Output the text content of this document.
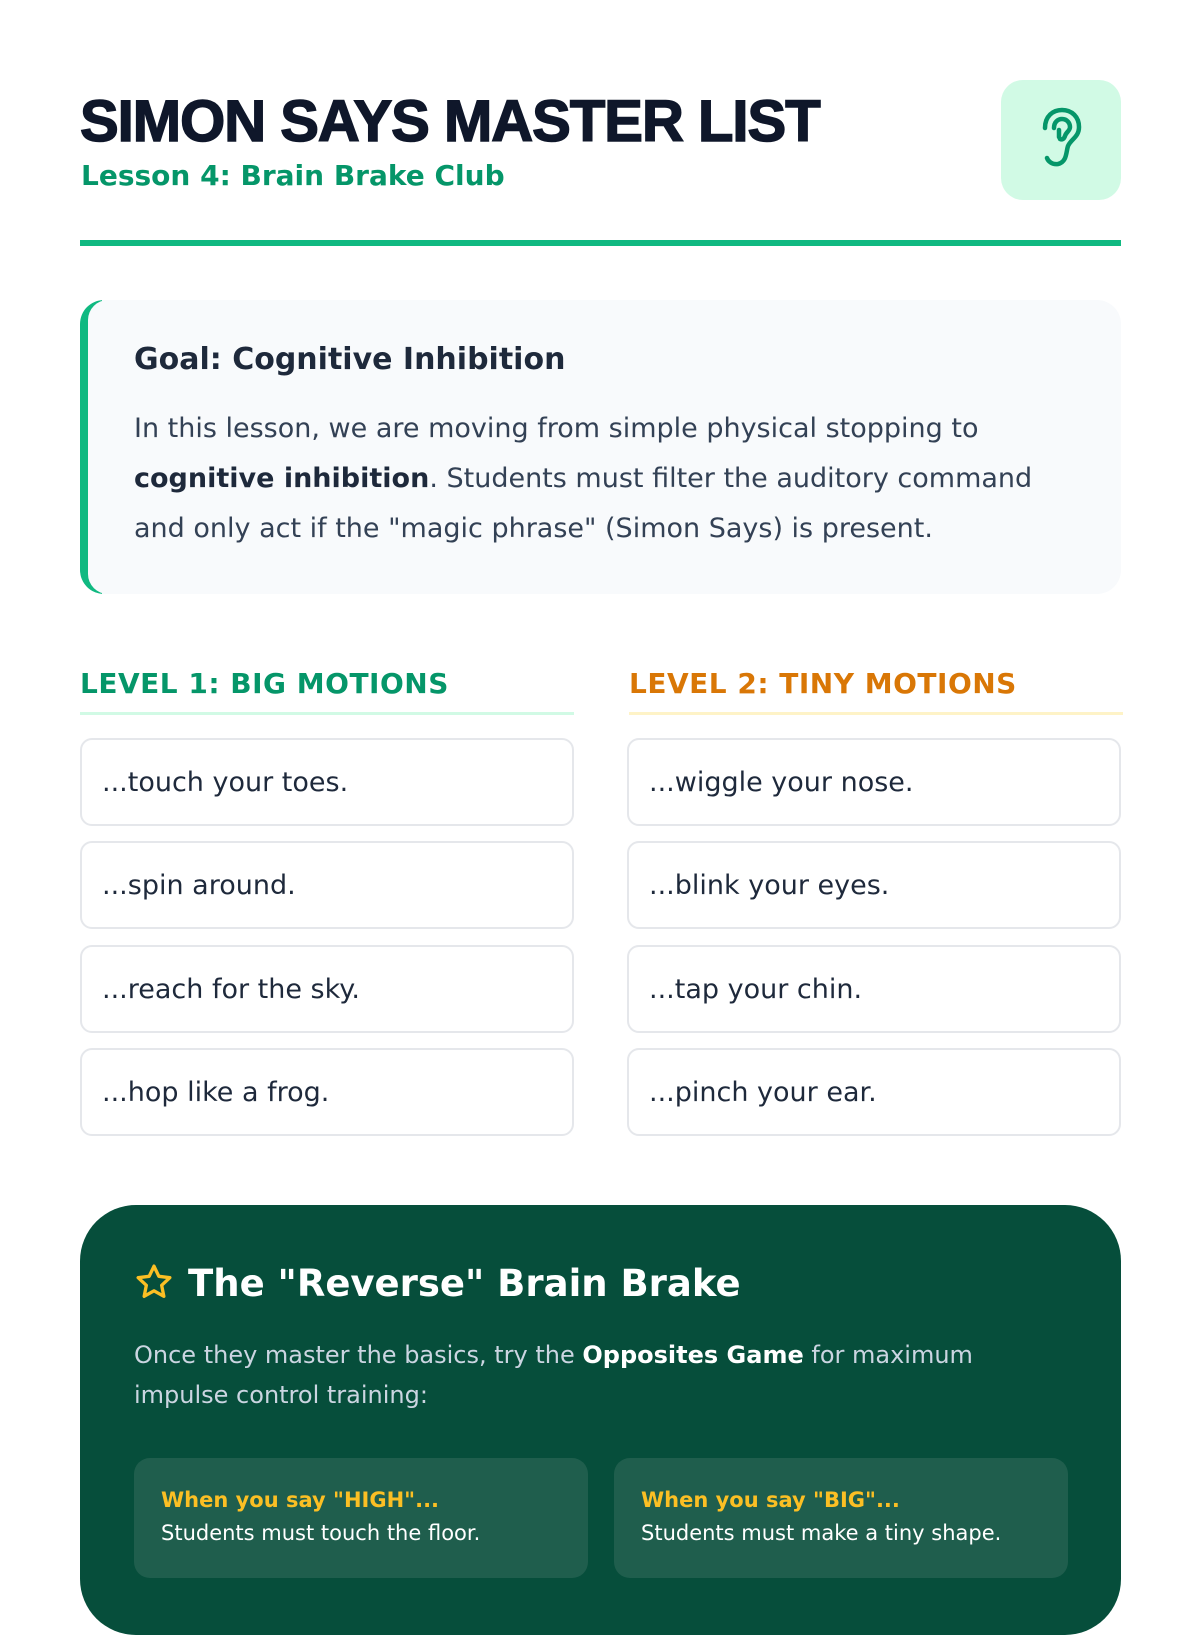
SIMON SAYS MASTER LIST
Lesson 4: Brain Brake Club
Goal: Cognitive Inhibition

In this lesson, we are moving from simple physical stopping to cognitive inhibition. Students must filter the auditory command and only act if the "magic phrase" (Simon Says) is present.

LEVEL 1: BIG MOTIONS	LEVEL 2: TINY MOTIONS
...touch your toes.
...spin around.
...reach for the sky.
...hop like a frog.
...wiggle your nose.
...blink your eyes.
...tap your chin.
...pinch your ear.
The "Reverse" Brain Brake

Once they master the basics, try the Opposites Game for maximum impulse control training:

When you say "HIGH"...
Students must touch the floor.
When you say "BIG"...
Students must make a tiny shape.
